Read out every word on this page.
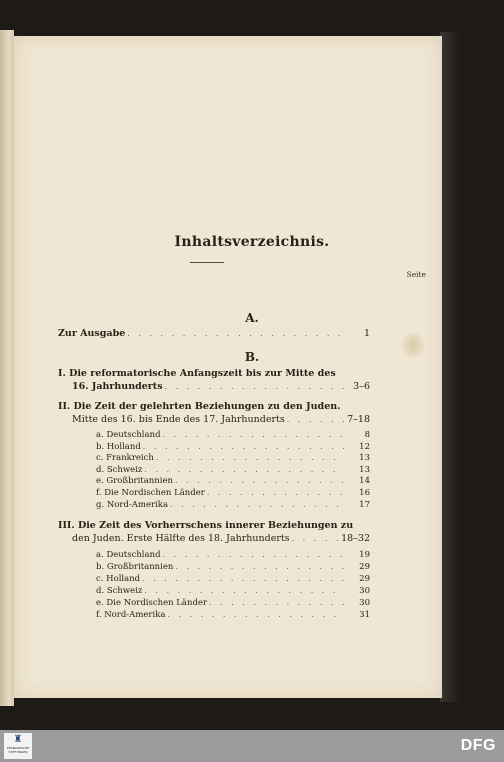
Inhaltsverzeichnis.
Seite
A.
Zur Ausgabe . . .	1
B.
I. Die reformatorische Anfangszeit bis zur Mitte des
16. Jahrhunderts . . .	3–6
II. Die Zeit der gelehrten Beziehungen zu den Juden.
Mitte des 16. bis Ende des 17. Jahrhunderts . . .	7–18
a. Deutschland . . .	8
b. Holland . . .	12
c. Frankreich . . .	13
d. Schweiz . . .	13
e. Großbritannien . . .	14
f. Die Nordischen Länder . . .	16
g. Nord-Amerika . . .	17
III. Die Zeit des Vorherrschens innerer Beziehungen zu
den Juden. Erste Hälfte des 18. Jahrhunderts . . .	18–32
a. Deutschland . . .	19
b. Großbritannien . . .	29
c. Holland . . .	29
d. Schweiz . . .	30
e. Die Nordischen Länder . . .	30
f. Nord-Amerika . . .	31
♜
FRANCKESCHE STIFTUNGEN	DFG
